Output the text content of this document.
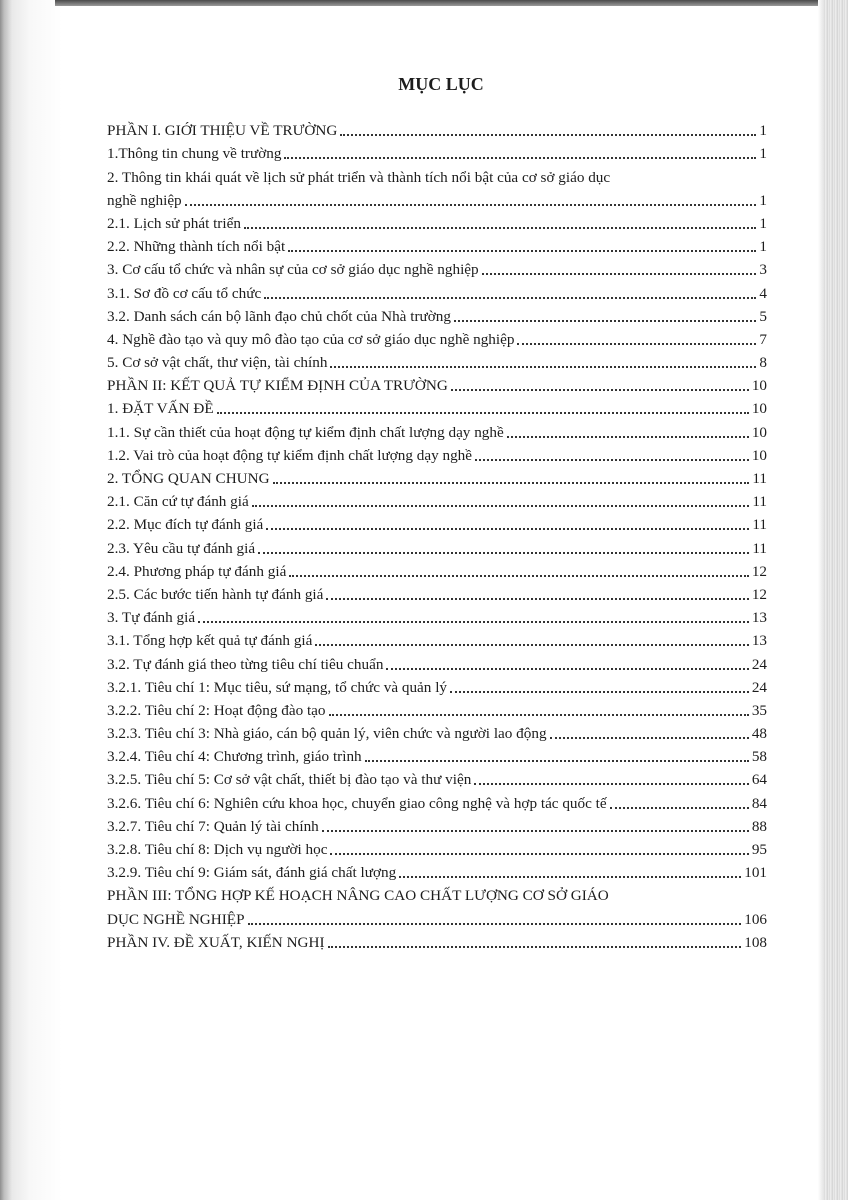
MỤC LỤC
PHẦN I. GIỚI THIỆU VỀ TRƯỜNG	1
1.Thông tin chung về trường	1
2. Thông tin khái quát về lịch sử phát triển và thành tích nổi bật của cơ sở giáo dục
nghề nghiệp	1
2.1. Lịch sử phát triển	1
2.2. Những thành tích nổi bật	1
3. Cơ cấu tổ chức và nhân sự của cơ sở giáo dục nghề nghiệp	3
3.1. Sơ đồ cơ cấu tổ chức	4
3.2. Danh sách cán bộ lãnh đạo chủ chốt của Nhà trường	5
4. Nghề đào tạo và quy mô đào tạo của cơ sở giáo dục nghề nghiệp	7
5. Cơ sở vật chất, thư viện, tài chính	8
PHẦN II: KẾT QUẢ TỰ KIỂM ĐỊNH CỦA TRƯỜNG	10
1. ĐẶT VẤN ĐỀ	10
1.1. Sự cần thiết của hoạt động tự kiểm định chất lượng dạy nghề	10
1.2. Vai trò của hoạt động tự kiểm định chất lượng dạy nghề	10
2. TỔNG QUAN CHUNG	11
2.1. Căn cứ tự đánh giá	11
2.2. Mục đích tự đánh giá	11
2.3. Yêu cầu tự đánh giá	11
2.4. Phương pháp tự đánh giá	12
2.5. Các bước tiến hành tự đánh giá	12
3. Tự đánh giá	13
3.1. Tổng hợp kết quả tự đánh giá	13
3.2. Tự đánh giá theo từng tiêu chí tiêu chuẩn	24
3.2.1. Tiêu chí 1: Mục tiêu, sứ mạng, tổ chức và quản lý	24
3.2.2. Tiêu chí 2: Hoạt động đào tạo	35
3.2.3. Tiêu chí 3: Nhà giáo, cán bộ quản lý, viên chức và người lao động	48
3.2.4. Tiêu chí 4: Chương trình, giáo trình	58
3.2.5. Tiêu chí 5: Cơ sở vật chất, thiết bị đào tạo và thư viện	64
3.2.6. Tiêu chí 6: Nghiên cứu khoa học, chuyển giao công nghệ và hợp tác quốc tế	84
3.2.7. Tiêu chí 7: Quản lý tài chính	88
3.2.8. Tiêu chí 8: Dịch vụ người học	95
3.2.9. Tiêu chí 9: Giám sát, đánh giá chất lượng	101
PHẦN III: TỔNG HỢP KẾ HOẠCH NÂNG CAO CHẤT LƯỢNG CƠ SỞ GIÁO
DỤC NGHỀ NGHIỆP	106
PHẦN IV. ĐỀ XUẤT, KIẾN NGHỊ	108
